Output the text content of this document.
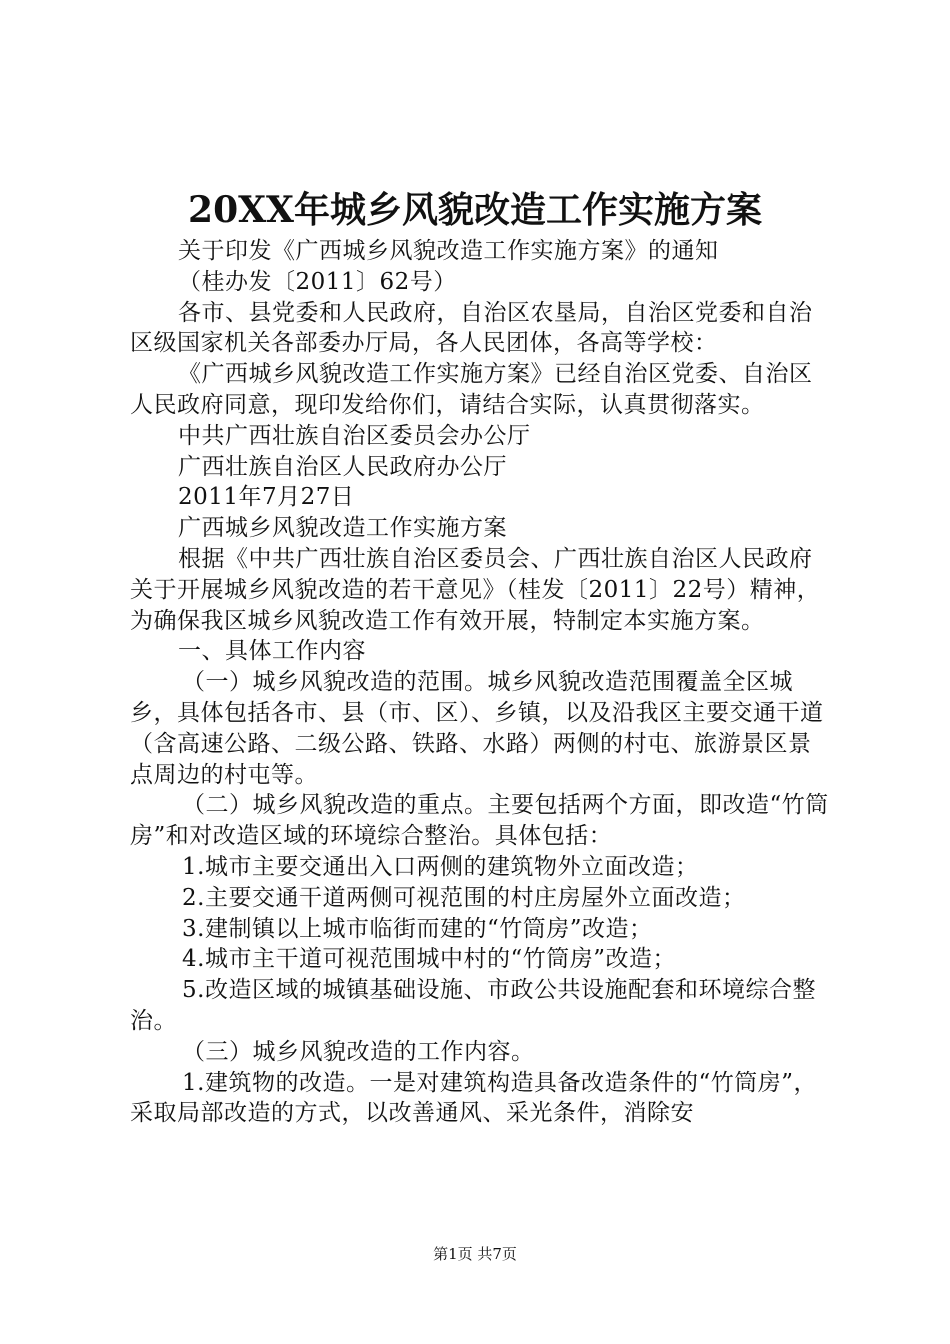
20XX年城乡风貌改造工作实施方案

关于印发《广西城乡风貌改造工作实施方案》的通知

（桂办发〔2011〕62号）

各市、县党委和人民政府，自治区农垦局，自治区党委和自治区级国家机关各部委办厅局，各人民团体，各高等学校：

《广西城乡风貌改造工作实施方案》已经自治区党委、自治区人民政府同意，现印发给你们，请结合实际，认真贯彻落实。

中共广西壮族自治区委员会办公厅

广西壮族自治区人民政府办公厅

2011年7月27日

广西城乡风貌改造工作实施方案

根据《中共广西壮族自治区委员会、广西壮族自治区人民政府关于开展城乡风貌改造的若干意见》（桂发〔2011〕22号）精神，为确保我区城乡风貌改造工作有效开展，特制定本实施方案。

一、具体工作内容

（一）城乡风貌改造的范围。城乡风貌改造范围覆盖全区城乡，具体包括各市、县（市、区）、乡镇，以及沿我区主要交通干道（含高速公路、二级公路、铁路、水路）两侧的村屯、旅游景区景点周边的村屯等。

（二）城乡风貌改造的重点。主要包括两个方面，即改造“竹筒房”和对改造区域的环境综合整治。具体包括：

1.城市主要交通出入口两侧的建筑物外立面改造；

2.主要交通干道两侧可视范围的村庄房屋外立面改造；

3.建制镇以上城市临街而建的“竹筒房”改造；

4.城市主干道可视范围城中村的“竹筒房”改造；

5.改造区域的城镇基础设施、市政公共设施配套和环境综合整治。

（三）城乡风貌改造的工作内容。

1.建筑物的改造。一是对建筑构造具备改造条件的“竹筒房”，采取局部改造的方式，以改善通风、采光条件，消除安

第1页 共7页
